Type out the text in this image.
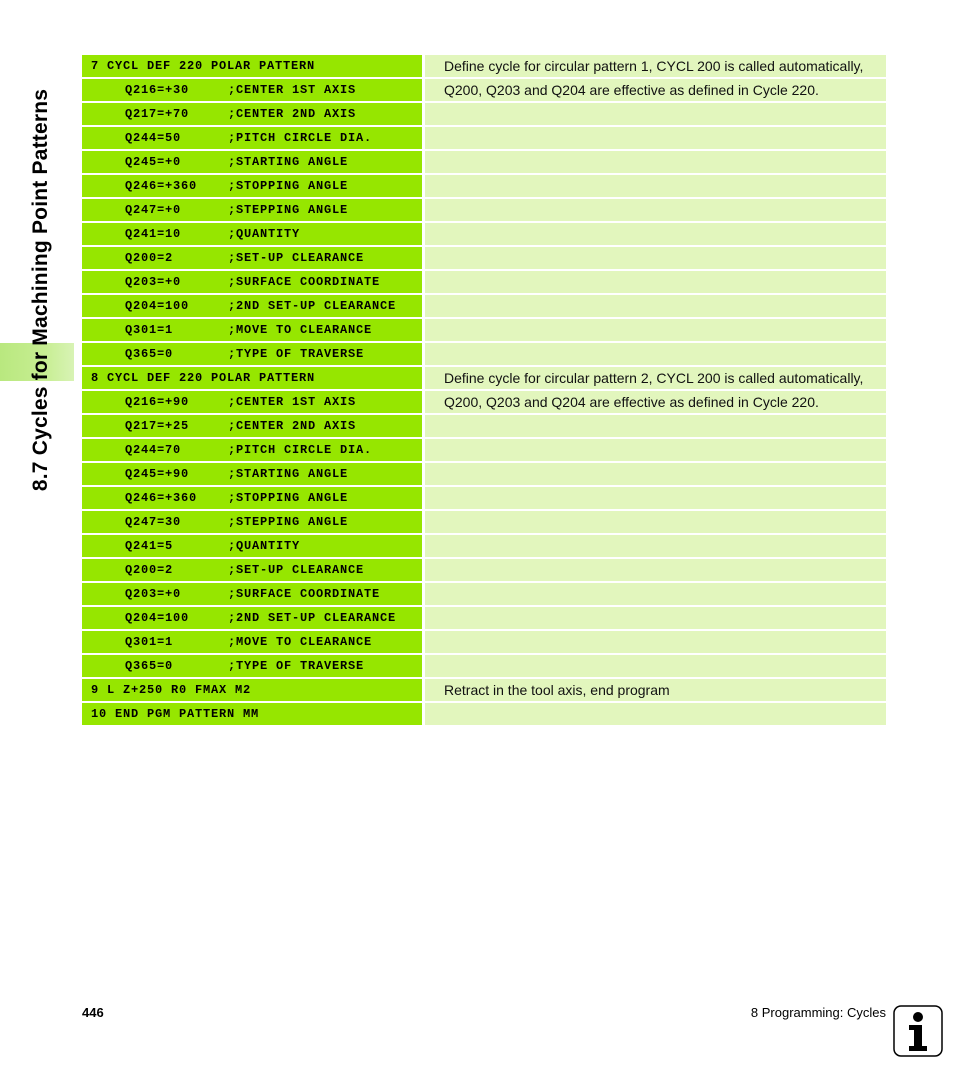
8.7 Cycles for Machining Point Patterns
7 CYCL DEF 220 POLAR PATTERN	Define cycle for circular pattern 1, CYCL 200 is called automatically,
Q216=+30	;CENTER 1ST AXIS	Q200, Q203 and Q204 are effective as defined in Cycle 220.
Q217=+70	;CENTER 2ND AXIS
Q244=50	;PITCH CIRCLE DIA.
Q245=+0	;STARTING ANGLE
Q246=+360	;STOPPING ANGLE
Q247=+0	;STEPPING ANGLE
Q241=10	;QUANTITY
Q200=2	;SET-UP CLEARANCE
Q203=+0	;SURFACE COORDINATE
Q204=100	;2ND SET-UP CLEARANCE
Q301=1	;MOVE TO CLEARANCE
Q365=0	;TYPE OF TRAVERSE
8 CYCL DEF 220 POLAR PATTERN	Define cycle for circular pattern 2, CYCL 200 is called automatically,
Q216=+90	;CENTER 1ST AXIS	Q200, Q203 and Q204 are effective as defined in Cycle 220.
Q217=+25	;CENTER 2ND AXIS
Q244=70	;PITCH CIRCLE DIA.
Q245=+90	;STARTING ANGLE
Q246=+360	;STOPPING ANGLE
Q247=30	;STEPPING ANGLE
Q241=5	;QUANTITY
Q200=2	;SET-UP CLEARANCE
Q203=+0	;SURFACE COORDINATE
Q204=100	;2ND SET-UP CLEARANCE
Q301=1	;MOVE TO CLEARANCE
Q365=0	;TYPE OF TRAVERSE
9 L Z+250 R0 FMAX M2	Retract in the tool axis, end program
10 END PGM PATTERN MM
446	8 Programming: Cycles
